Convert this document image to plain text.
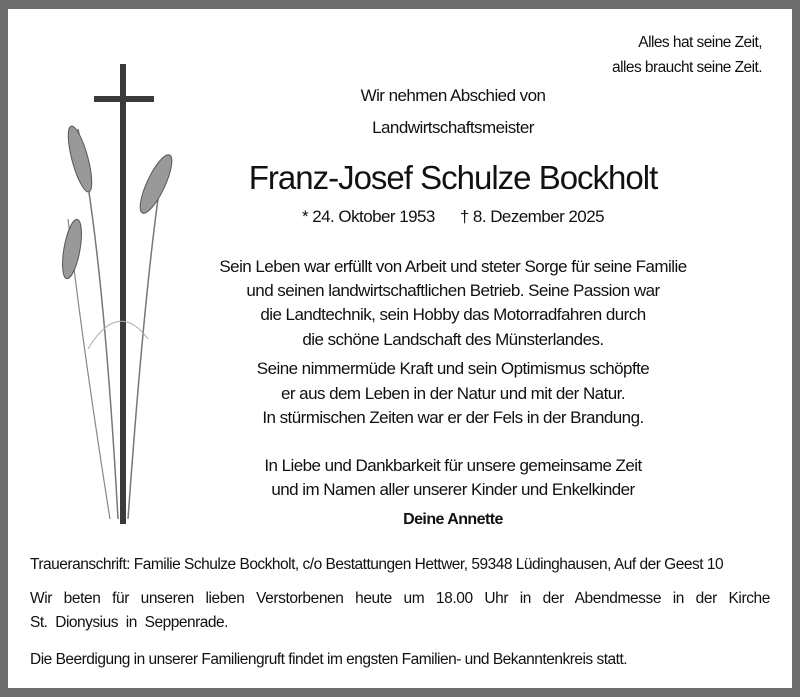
Alles hat seine Zeit,
alles braucht seine Zeit.
Wir nehmen Abschied von
Landwirtschaftsmeister
Franz-Josef Schulze Bockholt
* 24. Oktober 1953 † 8. Dezember 2025
Sein Leben war erfüllt von Arbeit und steter Sorge für seine Familie
und seinen landwirtschaftlichen Betrieb. Seine Passion war
die Landtechnik, sein Hobby das Motorradfahren durch
die schöne Landschaft des Münsterlandes.
Seine nimmermüde Kraft und sein Optimismus schöpfte
er aus dem Leben in der Natur und mit der Natur.
In stürmischen Zeiten war er der Fels in der Brandung.
In Liebe und Dankbarkeit für unsere gemeinsame Zeit
und im Namen aller unserer Kinder und Enkelkinder
Deine Annette
Traueranschrift: Familie Schulze Bockholt, c/o Bestattungen Hettwer, 59348 Lüdinghausen, Auf der Geest 10
Wir beten für unseren lieben Verstorbenen heute um 18.00 Uhr in der Abendmesse in der Kirche
St. Dionysius in Seppenrade.
Die Beerdigung in unserer Familiengruft findet im engsten Familien- und Bekanntenkreis statt.
